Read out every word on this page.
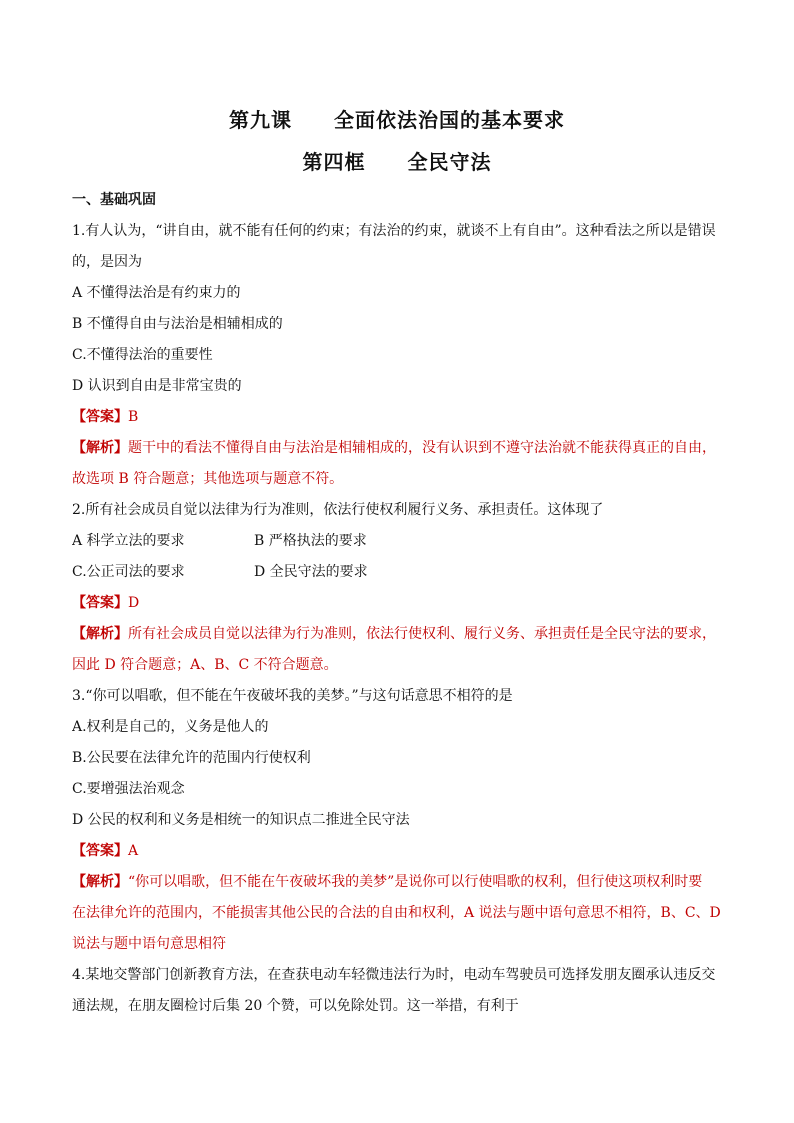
第九课　　全面依法治国的基本要求
第四框　　全民守法
一、基础巩固
1.有人认为，“讲自由，就不能有任何的约束；有法治的约束，就谈不上有自由”。这种看法之所以是错误
的，是因为
A 不懂得法治是有约束力的
B 不懂得自由与法治是相辅相成的
C.不懂得法治的重要性
D 认识到自由是非常宝贵的
【答案】B
【解析】题干中的看法不懂得自由与法治是相辅相成的，没有认识到不遵守法治就不能获得真正的自由，
故选项 B 符合题意；其他选项与题意不符。
2.所有社会成员自觉以法律为行为准则，依法行使权利履行义务、承担责任。这体现了
A 科学立法的要求	B 严格执法的要求
C.公正司法的要求	D 全民守法的要求
【答案】D
【解析】所有社会成员自觉以法律为行为准则，依法行使权利、履行义务、承担责任是全民守法的要求，
因此 D 符合题意；A、B、C 不符合题意。
3.“你可以唱歌，但不能在午夜破坏我的美梦。”与这句话意思不相符的是
A.权利是自己的，义务是他人的
B.公民要在法律允许的范围内行使权利
C.要增强法治观念
D 公民的权利和义务是相统一的知识点二推进全民守法
【答案】A
【解析】“你可以唱歌，但不能在午夜破坏我的美梦”是说你可以行使唱歌的权利，但行使这项权利时要
在法律允许的范围内，不能损害其他公民的合法的自由和权利，A 说法与题中语句意思不相符，B、C、D
说法与题中语句意思相符
4.某地交警部门创新教育方法，在查获电动车轻微违法行为时，电动车驾驶员可选择发朋友圈承认违反交
通法规，在朋友圈检讨后集 20 个赞，可以免除处罚。这一举措，有利于
